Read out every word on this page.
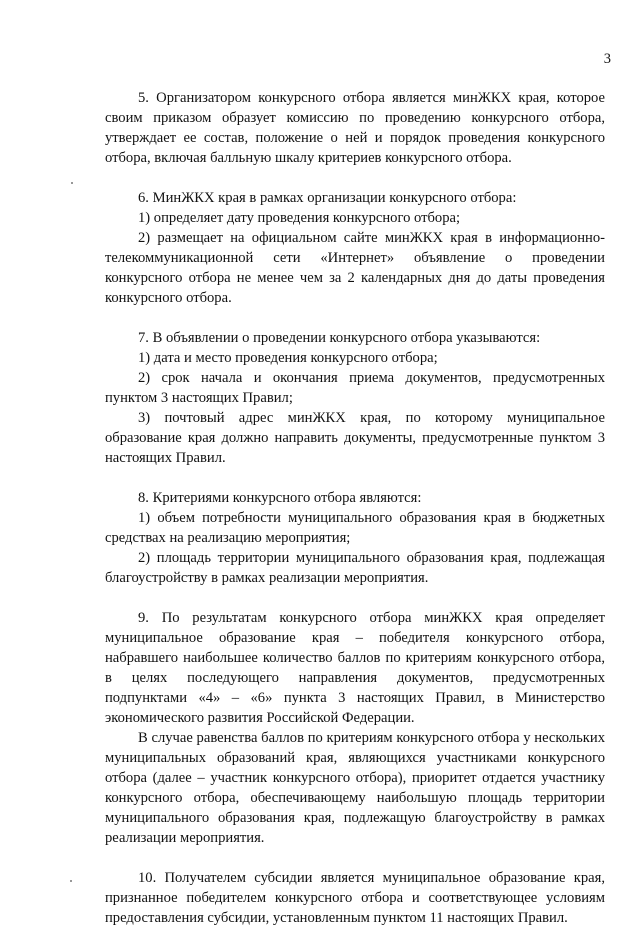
3

5. Организатором конкурсного отбора является минЖКХ края, которое своим приказом образует комиссию по проведению конкурсного отбора, утверждает ее состав, положение о ней и порядок проведения конкурсного отбора, включая балльную шкалу критериев конкурсного отбора.

6. МинЖКХ края в рамках организации конкурсного отбора:

1) определяет дату проведения конкурсного отбора;

2) размещает на официальном сайте минЖКХ края в информационно-телекоммуникационной сети «Интернет» объявление о проведении конкурсного отбора не менее чем за 2 календарных дня до даты проведения конкурсного отбора.

7. В объявлении о проведении конкурсного отбора указываются:

1) дата и место проведения конкурсного отбора;

2) срок начала и окончания приема документов, предусмотренных пунктом 3 настоящих Правил;

3) почтовый адрес минЖКХ края, по которому муниципальное образование края должно направить документы, предусмотренные пунктом 3 настоящих Правил.

8. Критериями конкурсного отбора являются:

1) объем потребности муниципального образования края в бюджетных средствах на реализацию мероприятия;

2) площадь территории муниципального образования края, подлежащая благоустройству в рамках реализации мероприятия.

9. По результатам конкурсного отбора минЖКХ края определяет муниципальное образование края – победителя конкурсного отбора, набравшего наибольшее количество баллов по критериям конкурсного отбора, в целях последующего направления документов, предусмотренных подпунктами «4» – «6» пункта 3 настоящих Правил, в Министерство экономического развития Российской Федерации.

В случае равенства баллов по критериям конкурсного отбора у нескольких муниципальных образований края, являющихся участниками конкурсного отбора (далее – участник конкурсного отбора), приоритет отдается участнику конкурсного отбора, обеспечивающему наибольшую площадь территории муниципального образования края, подлежащую благоустройству в рамках реализации мероприятия.

10. Получателем субсидии является муниципальное образование края, признанное победителем конкурсного отбора и соответствующее условиям предоставления субсидии, установленным пунктом 11 настоящих Правил.
